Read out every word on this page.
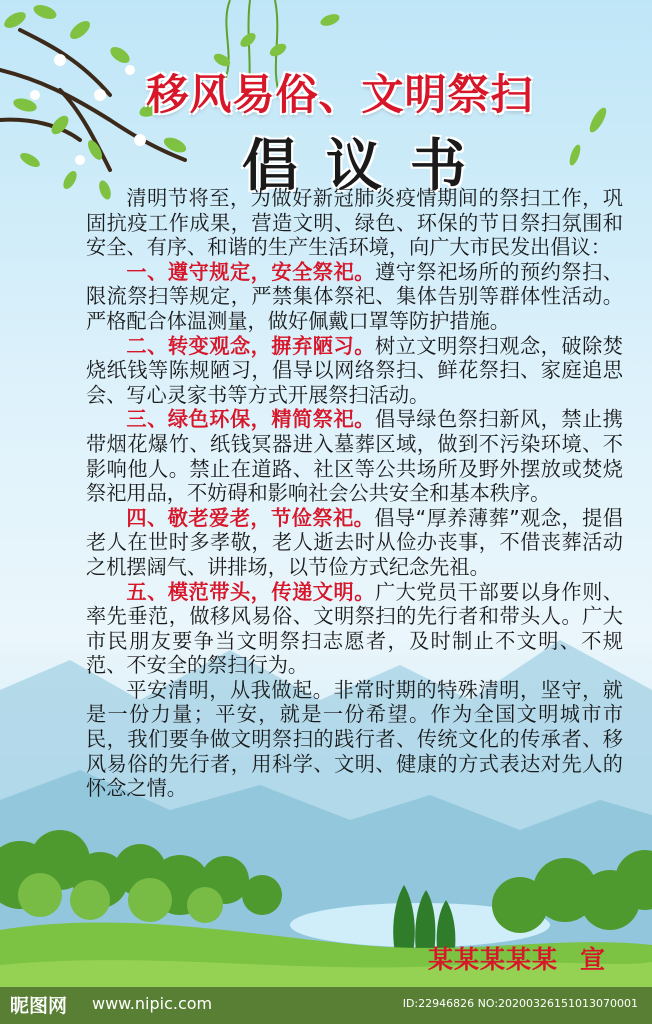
移风易俗、文明祭扫
倡议书

清明节将至，为做好新冠肺炎疫情期间的祭扫工作，巩固抗疫工作成果，营造文明、绿色、环保的节日祭扫氛围和安全、有序、和谐的生产生活环境，向广大市民发出倡议：

一、遵守规定，安全祭祀。遵守祭祀场所的预约祭扫、限流祭扫等规定，严禁集体祭祀、集体告别等群体性活动。严格配合体温测量，做好佩戴口罩等防护措施。

二、转变观念，摒弃陋习。树立文明祭扫观念，破除焚烧纸钱等陈规陋习，倡导以网络祭扫、鲜花祭扫、家庭追思会、写心灵家书等方式开展祭扫活动。

三、绿色环保，精简祭祀。倡导绿色祭扫新风，禁止携带烟花爆竹、纸钱冥器进入墓葬区域，做到不污染环境、不影响他人。禁止在道路、社区等公共场所及野外摆放或焚烧祭祀用品，不妨碍和影响社会公共安全和基本秩序。

四、敬老爱老，节俭祭祀。倡导“厚养薄葬”观念，提倡老人在世时多孝敬，老人逝去时从俭办丧事，不借丧葬活动之机摆阔气、讲排场，以节俭方式纪念先祖。

五、模范带头，传递文明。广大党员干部要以身作则、率先垂范，做移风易俗、文明祭扫的先行者和带头人。广大市民朋友要争当文明祭扫志愿者，及时制止不文明、不规范、不安全的祭扫行为。

平安清明，从我做起。非常时期的特殊清明，坚守，就是一份力量；平安，就是一份希望。作为全国文明城市市民，我们要争做文明祭扫的践行者、传统文化的传承者、移风易俗的先行者，用科学、文明、健康的方式表达对先人的怀念之情。

某某某某某 宣
昵图网 www.nipic.com	ID:22946826 NO:20200326151013070001
